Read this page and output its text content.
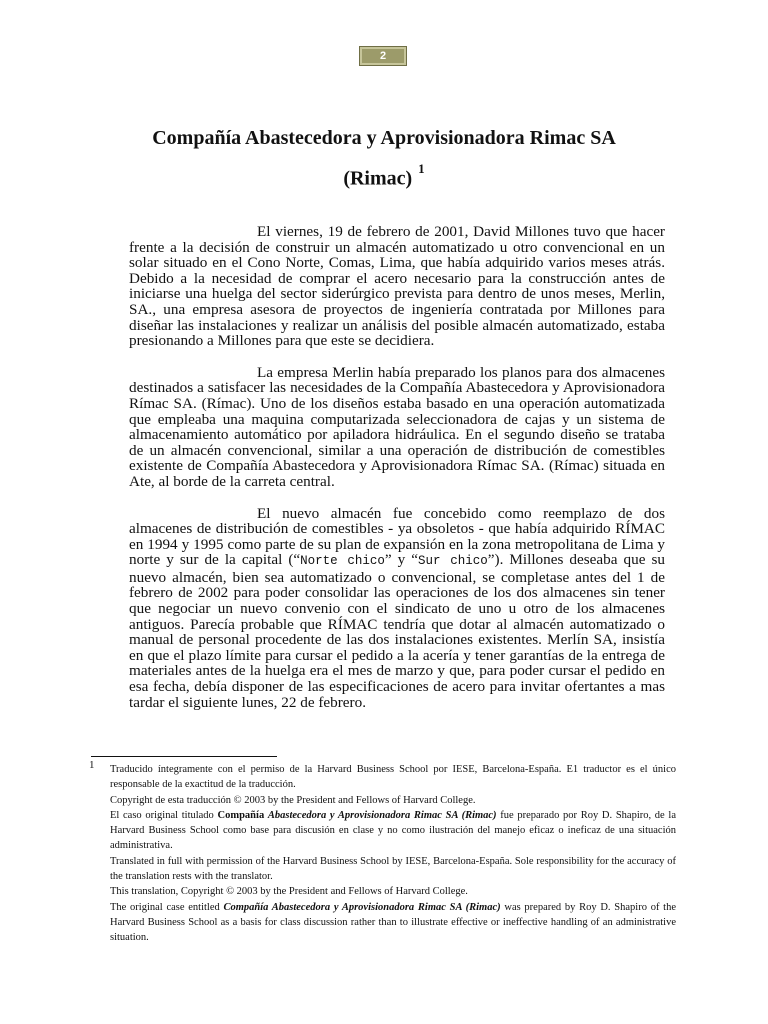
2
Compañía Abastecedora y Aprovisionadora Rimac SA
(Rimac) $^1$

El viernes, 19 de febrero de 2001, David Millones tuvo que hacer frente a la decisión de construir un almacén automatizado u otro convencional en un solar situado en el Cono Norte, Comas, Lima, que había adquirido varios meses atrás. Debido a la necesidad de comprar el acero necesario para la construcción antes de iniciarse una huelga del sector siderúrgico prevista para dentro de unos meses, Merlin, SA., una empresa asesora de proyectos de ingeniería contratada por Millones para diseñar las instalaciones y realizar un análisis del posible almacén automatizado, estaba presionando a Millones para que este se decidiera.

La empresa Merlin había preparado los planos para dos almacenes destinados a satisfacer las necesidades de la Compañía Abastecedora y Aprovisionadora Rímac SA. (Rímac). Uno de los diseños estaba basado en una operación automatizada que empleaba una maquina computarizada seleccionadora de cajas y un sistema de almacenamiento automático por apiladora hidráulica. En el segundo diseño se trataba de un almacén convencional, similar a una operación de distribución de comestibles existente de Compañía Abastecedora y Aprovisionadora Rímac SA. (Rímac) situada en Ate, al borde de la carreta central.

El nuevo almacén fue concebido como reemplazo de dos almacenes de distribución de comestibles - ya obsoletos - que había adquirido RÍMAC en 1994 y 1995 como parte de su plan de expansión en la zona metropolitana de Lima y norte y sur de la capital (“Norte chico” y “Sur chico”). Millones deseaba que su nuevo almacén, bien sea automatizado o convencional, se completase antes del 1 de febrero de 2002 para poder consolidar las operaciones de los dos almacenes sin tener que negociar un nuevo convenio con el sindicato de uno u otro de los almacenes antiguos. Parecía probable que RÍMAC tendría que dotar al almacén automatizado o manual de personal procedente de las dos instalaciones existentes. Merlín SA, insistía en que el plazo límite para cursar el pedido a la acería y tener garantías de la entrega de materiales antes de la huelga era el mes de marzo y que, para poder cursar el pedido en esa fecha, debía disponer de las especificaciones de acero para invitar ofertantes a mas tardar el siguiente lunes, 22 de febrero.

1 Traducido íntegramente con el permiso de la Harvard Business School por IESE, Barcelona-España. E1 traductor es el único responsable de la exactitud de la traducción.
Copyright de esta traducción © 2003 by the President and Fellows of Harvard College.
El caso original titulado Compañía Abastecedora y Aprovisionadora Rimac SA (Rimac) fue preparado por Roy D. Shapiro, de la Harvard Business School como base para discusión en clase y no como ilustración del manejo eficaz o ineficaz de una situación administrativa.
Translated in full with permission of the Harvard Business School by IESE, Barcelona-España. Sole responsibility for the accuracy of the translation rests with the translator.
This translation, Copyright © 2003 by the President and Fellows of Harvard College.
The original case entitled Compañía Abastecedora y Aprovisionadora Rimac SA (Rimac) was prepared by Roy D. Shapiro of the Harvard Business School as a basis for class discussion rather than to illustrate effective or ineffective handling of an administrative situation.
